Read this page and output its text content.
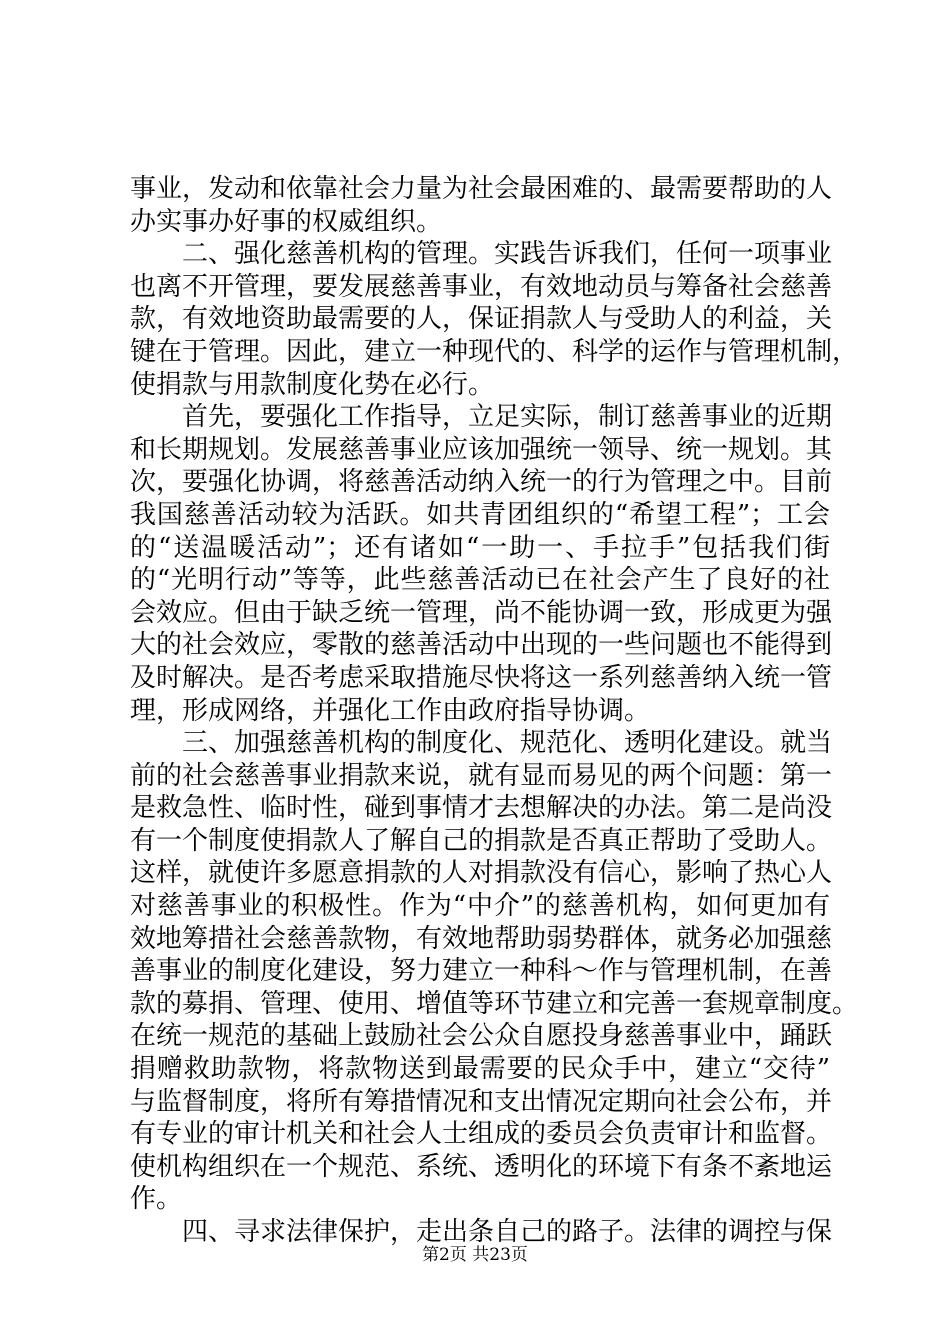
事业，发动和依靠社会力量为社会最困难的、最需要帮助的人
办实事办好事的权威组织。
二、强化慈善机构的管理。实践告诉我们，任何一项事业
也离不开管理，要发展慈善事业，有效地动员与筹备社会慈善
款，有效地资助最需要的人，保证捐款人与受助人的利益，关
键在于管理。因此，建立一种现代的、科学的运作与管理机制，
使捐款与用款制度化势在必行。
首先，要强化工作指导，立足实际，制订慈善事业的近期
和长期规划。发展慈善事业应该加强统一领导、统一规划。其
次，要强化协调，将慈善活动纳入统一的行为管理之中。目前
我国慈善活动较为活跃。如共青团组织的“希望工程”；工会
的“送温暖活动”；还有诸如“一助一、手拉手”包括我们街
的“光明行动”等等，此些慈善活动已在社会产生了良好的社
会效应。但由于缺乏统一管理，尚不能协调一致，形成更为强
大的社会效应，零散的慈善活动中出现的一些问题也不能得到
及时解决。是否考虑采取措施尽快将这一系列慈善纳入统一管
理，形成网络，并强化工作由政府指导协调。
三、加强慈善机构的制度化、规范化、透明化建设。就当
前的社会慈善事业捐款来说，就有显而易见的两个问题：第一
是救急性、临时性，碰到事情才去想解决的办法。第二是尚没
有一个制度使捐款人了解自己的捐款是否真正帮助了受助人。
这样，就使许多愿意捐款的人对捐款没有信心，影响了热心人
对慈善事业的积极性。作为“中介”的慈善机构，如何更加有
效地筹措社会慈善款物，有效地帮助弱势群体，就务必加强慈
善事业的制度化建设，努力建立一种科～作与管理机制，在善
款的募捐、管理、使用、增值等环节建立和完善一套规章制度。
在统一规范的基础上鼓励社会公众自愿投身慈善事业中，踊跃
捐赠救助款物，将款物送到最需要的民众手中，建立“交待”
与监督制度，将所有筹措情况和支出情况定期向社会公布，并
有专业的审计机关和社会人士组成的委员会负责审计和监督。
使机构组织在一个规范、系统、透明化的环境下有条不紊地运
作。
四、寻求法律保护，走出条自己的路子。法律的调控与保
第2页 共23页
